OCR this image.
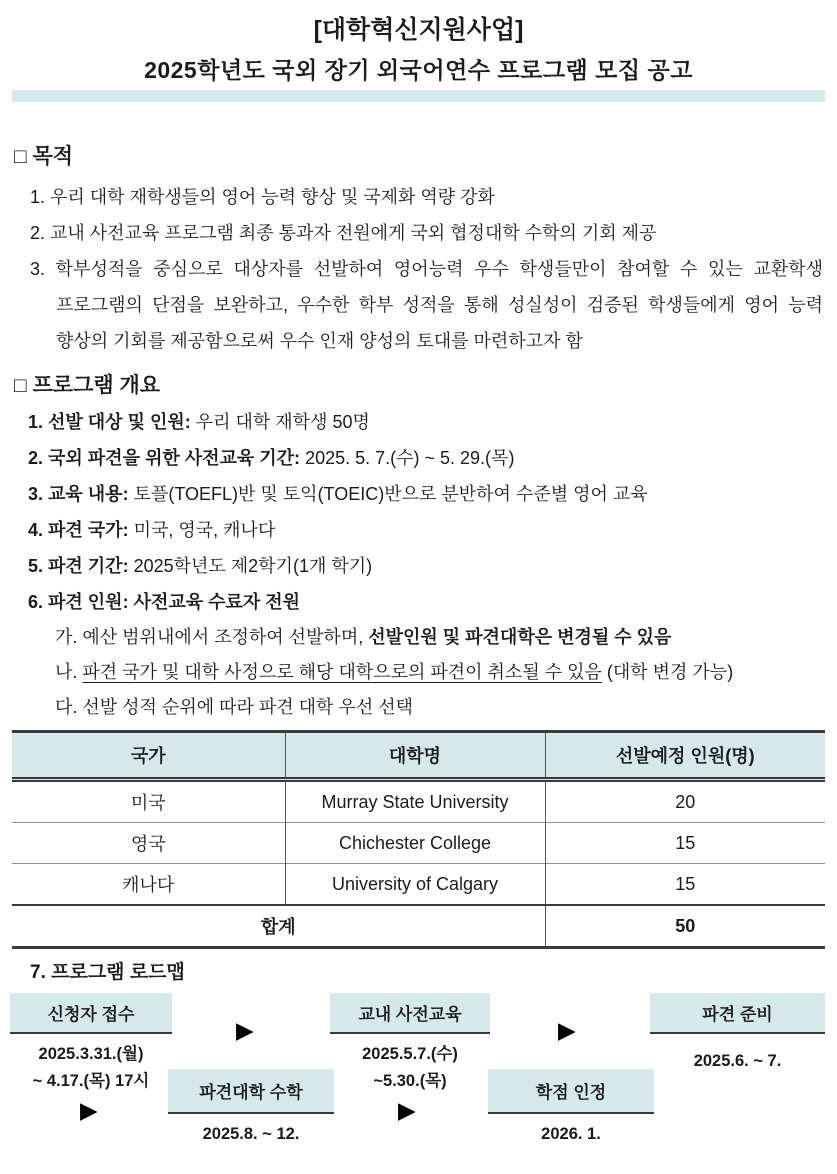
[대학혁신지원사업]
2025학년도 국외 장기 외국어연수 프로그램 모집 공고
□ 목적
1. 우리 대학 재학생들의 영어 능력 향상 및 국제화 역량 강화
2. 교내 사전교육 프로그램 최종 통과자 전원에게 국외 협정대학 수학의 기회 제공
3. 학부성적을 중심으로 대상자를 선발하여 영어능력 우수 학생들만이 참여할 수 있는 교환학생 프로그램의 단점을 보완하고, 우수한 학부 성적을 통해 성실성이 검증된 학생들에게 영어 능력 향상의 기회를 제공함으로써 우수 인재 양성의 토대를 마련하고자 함
□ 프로그램 개요
1. 선발 대상 및 인원: 우리 대학 재학생 50명
2. 국외 파견을 위한 사전교육 기간: 2025. 5. 7.(수) ~ 5. 29.(목)
3. 교육 내용: 토플(TOEFL)반 및 토익(TOEIC)반으로 분반하여 수준별 영어 교육
4. 파견 국가: 미국, 영국, 캐나다
5. 파견 기간: 2025학년도 제2학기(1개 학기)
6. 파견 인원: 사전교육 수료자 전원
가. 예산 범위내에서 조정하여 선발하며, 선발인원 및 파견대학은 변경될 수 있음
나. 파견 국가 및 대학 사정으로 해당 대학으로의 파견이 취소될 수 있음 (대학 변경 가능)
다. 선발 성적 순위에 따라 파견 대학 우선 선택
국가	대학명	선발예정 인원(명)
미국	Murray State University	20
영국	Chichester College	15
캐나다	University of Calgary	15
합계		50
7. 프로그램 로드맵
신청자 접수
2025.3.31.(월)
~ 4.17.(목) 17시
▶
교내 사전교육
2025.5.7.(수)
~5.30.(목)
▶
파견 준비
2025.6. ~ 7.
▶
파견대학 수학
2025.8. ~ 12.
▶
학점 인정
2026. 1.
